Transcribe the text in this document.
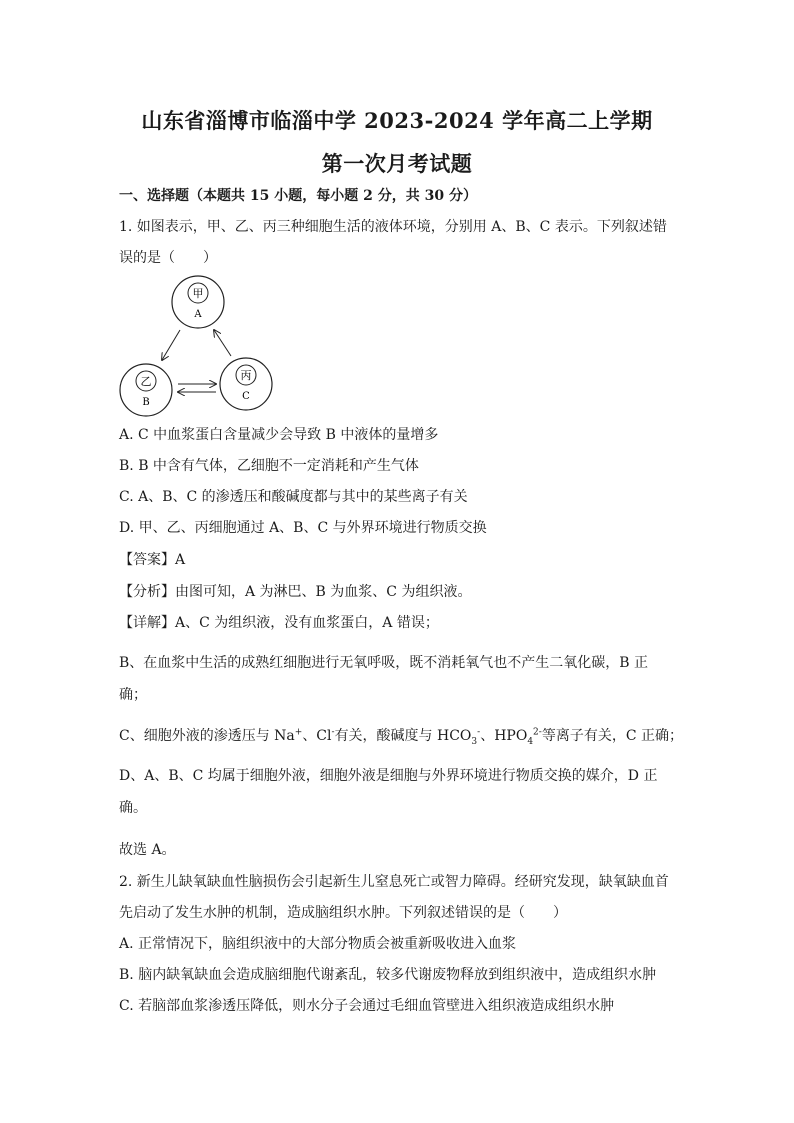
山东省淄博市临淄中学 2023-2024 学年高二上学期
第一次月考试题
一、选择题（本题共 15 小题，每小题 2 分，共 30 分）
1. 如图表示，甲、乙、丙三种细胞生活的液体环境，分别用 A、B、C 表示。下列叙述错
误的是（　　）
甲
A
乙
B
丙
C
A. C 中血浆蛋白含量减少会导致 B 中液体的量增多
B. B 中含有气体，乙细胞不一定消耗和产生气体
C. A、B、C 的渗透压和酸碱度都与其中的某些离子有关
D. 甲、乙、丙细胞通过 A、B、C 与外界环境进行物质交换
【答案】A
【分析】由图可知，A 为淋巴、B 为血浆、C 为组织液。
【详解】A、C 为组织液，没有血浆蛋白，A 错误；
B、在血浆中生活的成熟红细胞进行无氧呼吸，既不消耗氧气也不产生二氧化碳，B 正
确；
C、细胞外液的渗透压与 Na+、Cl-有关，酸碱度与 $HCO_3^-$、$HPO_4^{2-}$等离子有关，C 正确；
D、A、B、C 均属于细胞外液，细胞外液是细胞与外界环境进行物质交换的媒介，D 正
确。
故选 A。
2. 新生儿缺氧缺血性脑损伤会引起新生儿窒息死亡或智力障碍。经研究发现，缺氧缺血首
先启动了发生水肿的机制，造成脑组织水肿。下列叙述错误的是（　　）
A. 正常情况下，脑组织液中的大部分物质会被重新吸收进入血浆
B. 脑内缺氧缺血会造成脑细胞代谢紊乱，较多代谢废物释放到组织液中，造成组织水肿
C. 若脑部血浆渗透压降低，则水分子会通过毛细血管壁进入组织液造成组织水肿
